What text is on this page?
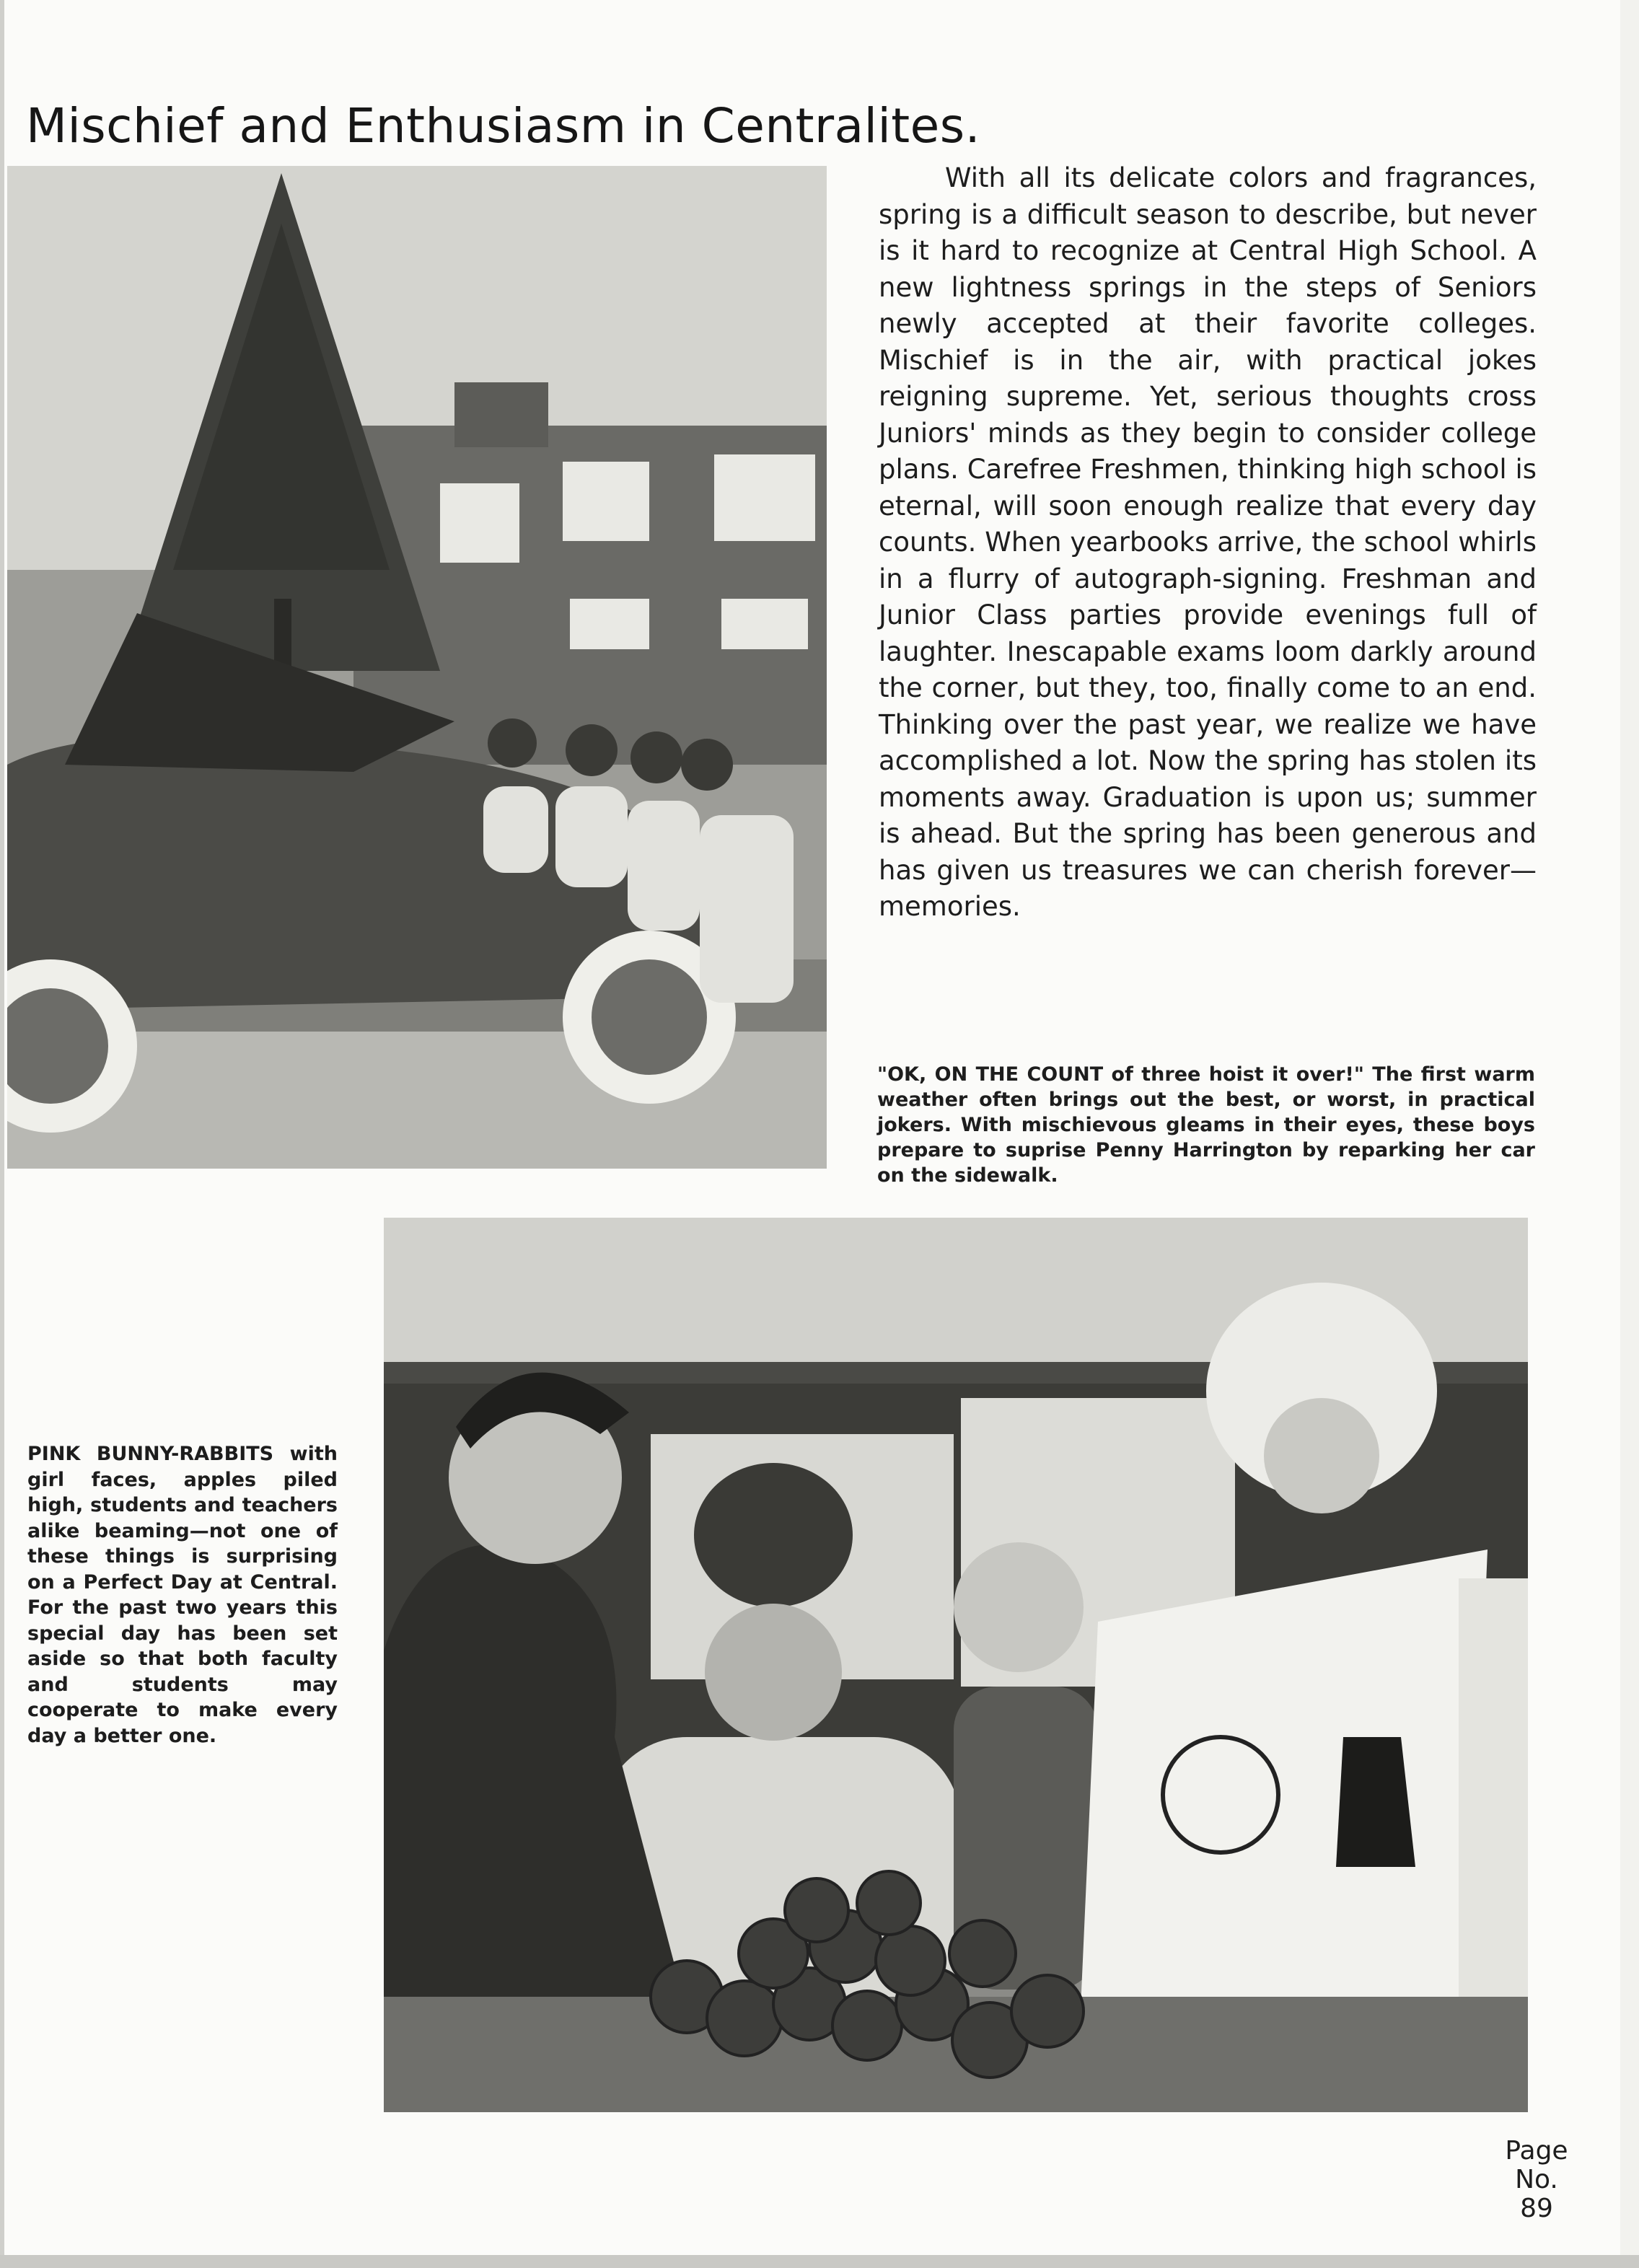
Mischief and Enthusiasm in Centralites.

With all its delicate colors and fragrances, spring is a difficult season to describe, but never is it hard to recognize at Central High School. A new lightness springs in the steps of Seniors newly accepted at their favorite colleges. Mischief is in the air, with practical jokes reigning supreme. Yet, serious thoughts cross Juniors' minds as they begin to consider college plans. Carefree Freshmen, thinking high school is eternal, will soon enough realize that every day counts. When yearbooks arrive, the school whirls in a flurry of autograph-signing. Freshman and Junior Class parties provide evenings full of laughter. Inescapable exams loom darkly around the corner, but they, too, finally come to an end. Thinking over the past year, we realize we have accomplished a lot. Now the spring has stolen its moments away. Graduation is upon us; summer is ahead. But the spring has been generous and has given us treasures we can cherish forever—memories.

"OK, ON THE COUNT of three hoist it over!" The first warm weather often brings out the best, or worst, in practical jokers. With mischievous gleams in their eyes, these boys prepare to suprise Penny Harrington by reparking her car on the sidewalk.
PINK BUNNY-RABBITS with girl faces, apples piled high, students and teachers alike beaming—not one of these things is surprising on a Perfect Day at Central. For the past two years this special day has been set aside so that both faculty and students may cooperate to make every day a better one.
Page
No.
89
